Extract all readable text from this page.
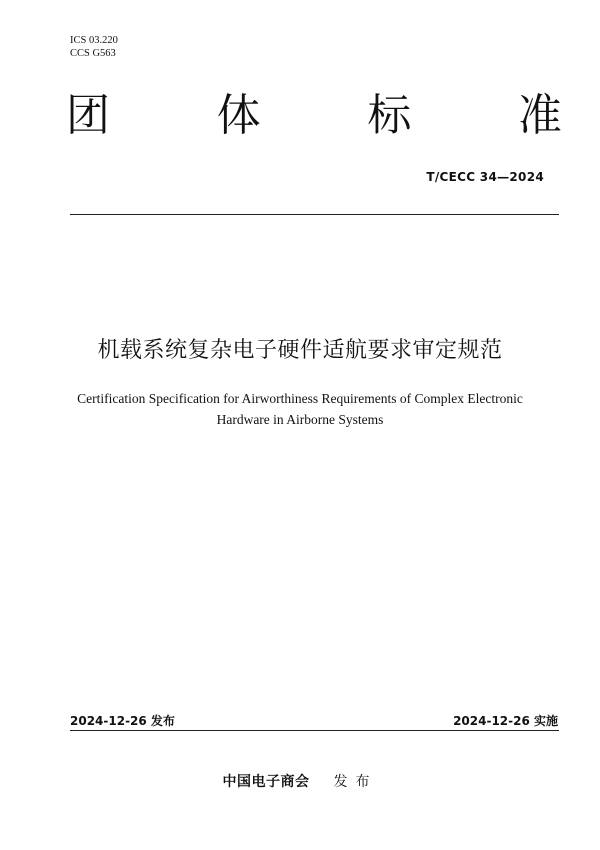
ICS 03.220
CCS G563
团 体 标 准
T/CECC 34—2024
机载系统复杂电子硬件适航要求审定规范
Certification Specification for Airworthiness Requirements of Complex Electronic
Hardware in Airborne Systems
2024-12-26 发布	2024-12-26 实施
中国电子商会 发布
